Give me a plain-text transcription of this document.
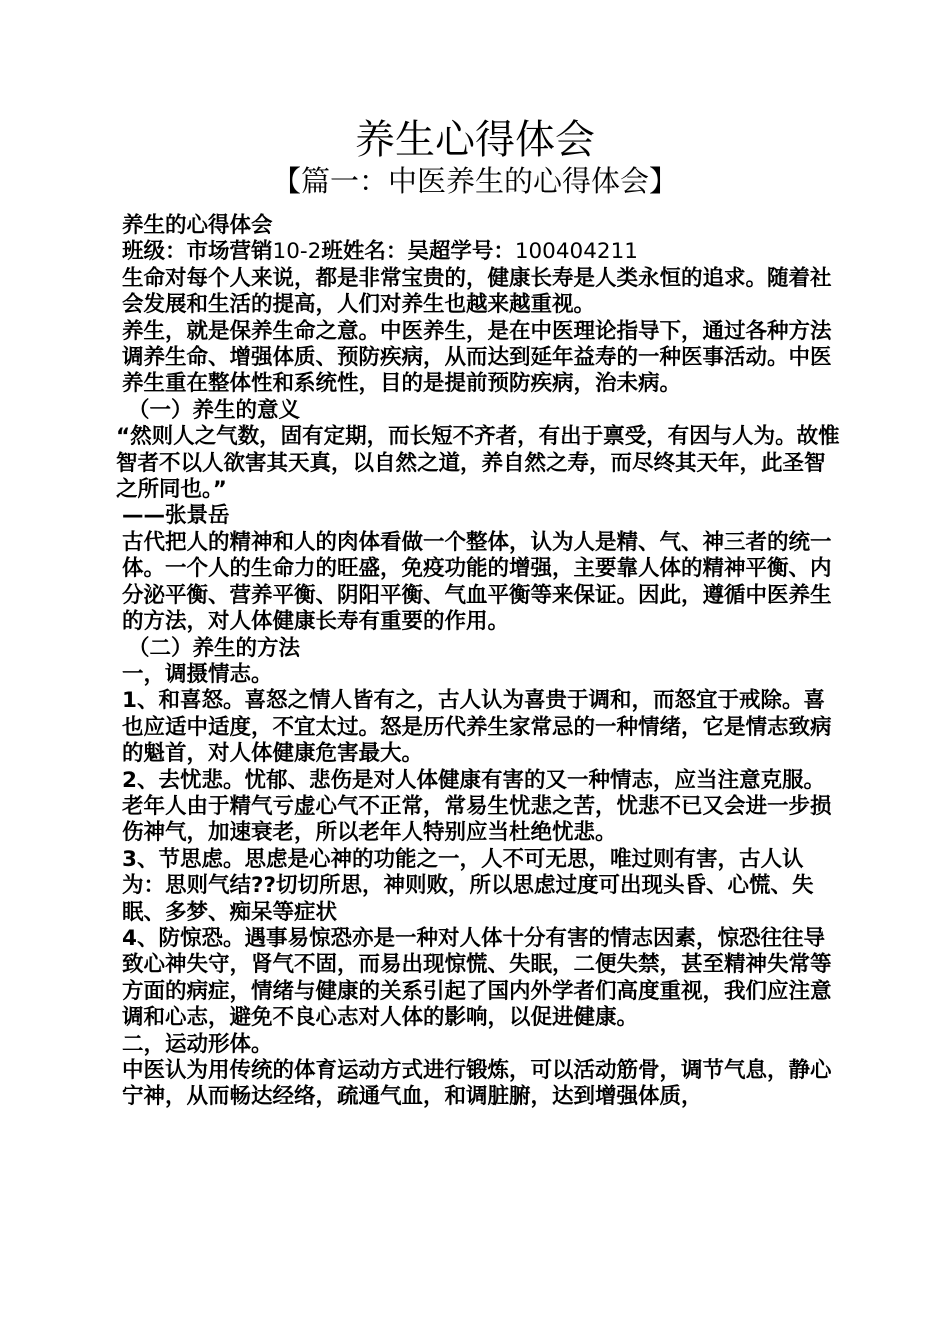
养生心得体会
【篇一：中医养生的心得体会】

养生的心得体会

班级：市场营销10-2班姓名：吴超学号：100404211

生命对每个人来说，都是非常宝贵的，健康长寿是人类永恒的追求。随着社会发展和生活的提高，人们对养生也越来越重视。

养生，就是保养生命之意。中医养生，是在中医理论指导下，通过各种方法调养生命、增强体质、预防疾病，从而达到延年益寿的一种医事活动。中医养生重在整体性和系统性，目的是提前预防疾病，治未病。

（一）养生的意义

“然则人之气数，固有定期，而长短不齐者，有出于禀受，有因与人为。故惟智者不以人欲害其天真，以自然之道，养自然之寿，而尽终其天年，此圣智之所同也。”

——张景岳

古代把人的精神和人的肉体看做一个整体，认为人是精、气、神三者的统一体。一个人的生命力的旺盛，免疫功能的增强，主要靠人体的精神平衡、内分泌平衡、营养平衡、阴阳平衡、气血平衡等来保证。因此，遵循中医养生的方法，对人体健康长寿有重要的作用。

（二）养生的方法

一，调摄情志。

1、和喜怒。喜怒之情人皆有之，古人认为喜贵于调和，而怒宜于戒除。喜也应适中适度，不宜太过。怒是历代养生家常忌的一种情绪，它是情志致病的魁首，对人体健康危害最大。

2、去忧悲。忧郁、悲伤是对人体健康有害的又一种情志，应当注意克服。老年人由于精气亏虚心气不正常，常易生忧悲之苦，忧悲不已又会进一步损伤神气，加速衰老，所以老年人特别应当杜绝忧悲。

3、节思虑。思虑是心神的功能之一，人不可无思，唯过则有害，古人认为：思则气结??切切所思，神则败，所以思虑过度可出现头昏、心慌、失眠、多梦、痴呆等症状

4、防惊恐。遇事易惊恐亦是一种对人体十分有害的情志因素，惊恐往往导致心神失守，肾气不固，而易出现惊慌、失眠，二便失禁，甚至精神失常等方面的病症，情绪与健康的关系引起了国内外学者们高度重视，我们应注意调和心志，避免不良心志对人体的影响，以促进健康。

二，运动形体。

中医认为用传统的体育运动方式进行锻炼，可以活动筋骨，调节气息，静心宁神，从而畅达经络，疏通气血，和调脏腑，达到增强体质，
